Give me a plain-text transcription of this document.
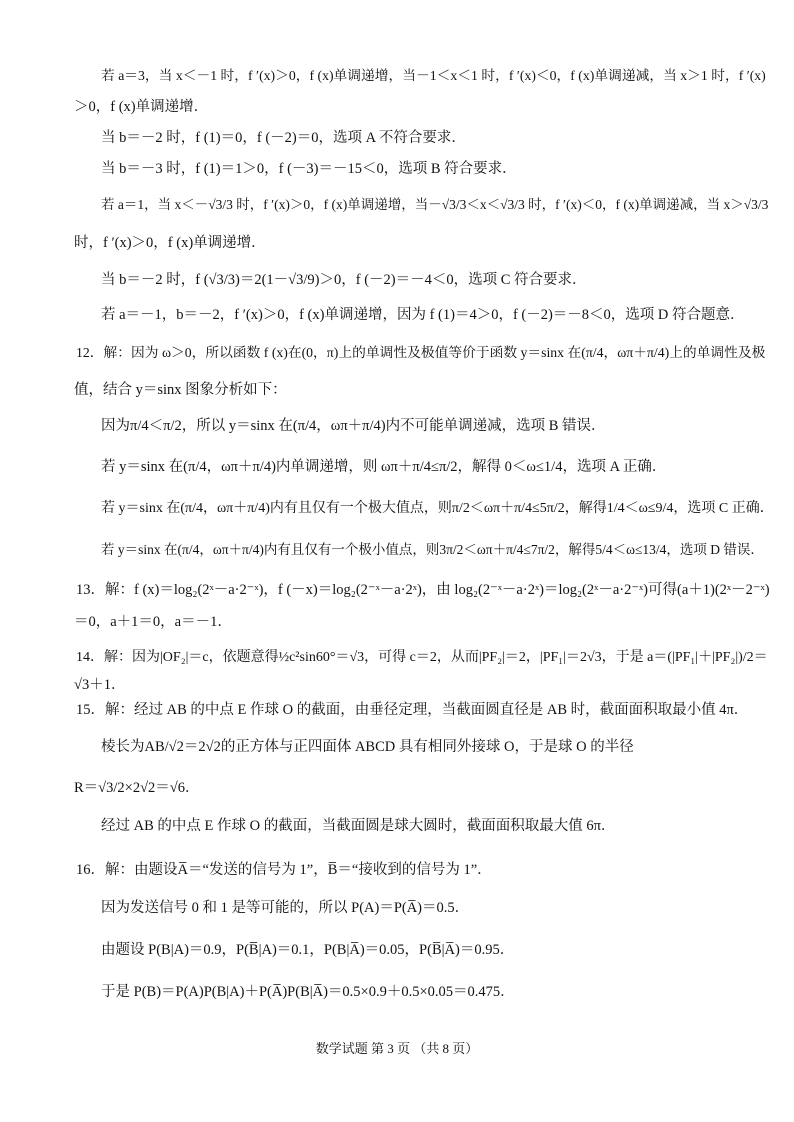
若 a＝3，当 x＜－1 时，f ′(x)＞0，f (x)单调递增，当－1＜x＜1 时，f ′(x)＜0，f (x)单调递减，当 x＞1 时，f ′(x)
＞0，f (x)单调递增．
当 b＝－2 时，f (1)＝0，f (－2)＝0，选项 A 不符合要求．
当 b＝－3 时，f (1)＝1＞0，f (－3)＝－15＜0，选项 B 符合要求．
若 a＝1，当 x＜－√3/3 时，f ′(x)＞0，f (x)单调递增，当－√3/3＜x＜√3/3 时，f ′(x)＜0，f (x)单调递减，当 x＞√3/3
时，f ′(x)＞0，f (x)单调递增．
当 b＝－2 时，f (√3/3)＝2(1－√3/9)＞0，f (－2)＝－4＜0，选项 C 符合要求．
若 a＝－1，b＝－2，f ′(x)＞0，f (x)单调递增，因为 f (1)＝4＞0，f (－2)＝－8＜0，选项 D 符合题意．
12．解：因为 ω＞0，所以函数 f (x)在(0，π)上的单调性及极值等价于函数 y＝sinx 在(π/4，ωπ＋π/4)上的单调性及极
值，结合 y＝sinx 图象分析如下：
因为π/4＜π/2，所以 y＝sinx 在(π/4，ωπ＋π/4)内不可能单调递减，选项 B 错误．
若 y＝sinx 在(π/4，ωπ＋π/4)内单调递增，则 ωπ＋π/4≤π/2，解得 0＜ω≤1/4，选项 A 正确．
若 y＝sinx 在(π/4，ωπ＋π/4)内有且仅有一个极大值点，则π/2＜ωπ＋π/4≤5π/2，解得1/4＜ω≤9/4，选项 C 正确．
若 y＝sinx 在(π/4，ωπ＋π/4)内有且仅有一个极小值点，则3π/2＜ωπ＋π/4≤7π/2，解得5/4＜ω≤13/4，选项 D 错误．
13．解：f (x)＝log₂(2ˣ－a·2⁻ˣ)，f (－x)＝log₂(2⁻ˣ－a·2ˣ)，由 log₂(2⁻ˣ－a·2ˣ)＝log₂(2ˣ－a·2⁻ˣ)可得(a＋1)(2ˣ－2⁻ˣ)
＝0，a＋1＝0，a＝－1．
14．解：因为|OF₂|＝c，依题意得½c²sin60°＝√3，可得 c＝2，从而|PF₂|＝2，|PF₁|＝2√3，于是 a＝(|PF₁|＋|PF₂|)/2＝
√3＋1．
15．解：经过 AB 的中点 E 作球 O 的截面，由垂径定理，当截面圆直径是 AB 时，截面面积取最小值 4π．
棱长为AB/√2＝2√2的正方体与正四面体 ABCD 具有相同外接球 O，于是球 O 的半径
R＝√3/2×2√2＝√6．
经过 AB 的中点 E 作球 O 的截面，当截面圆是球大圆时，截面面积取最大值 6π．
16．解：由题设A̅＝“发送的信号为 1”，B̅＝“接收到的信号为 1”．
因为发送信号 0 和 1 是等可能的，所以 P(A)＝P(A̅)＝0.5．
由题设 P(B|A)＝0.9，P(B̅|A)＝0.1，P(B|A̅)＝0.05，P(B̅|A̅)＝0.95．
于是 P(B)＝P(A)P(B|A)＋P(A̅)P(B|A̅)＝0.5×0.9＋0.5×0.05＝0.475．
数学试题 第 3 页 （共 8 页）
